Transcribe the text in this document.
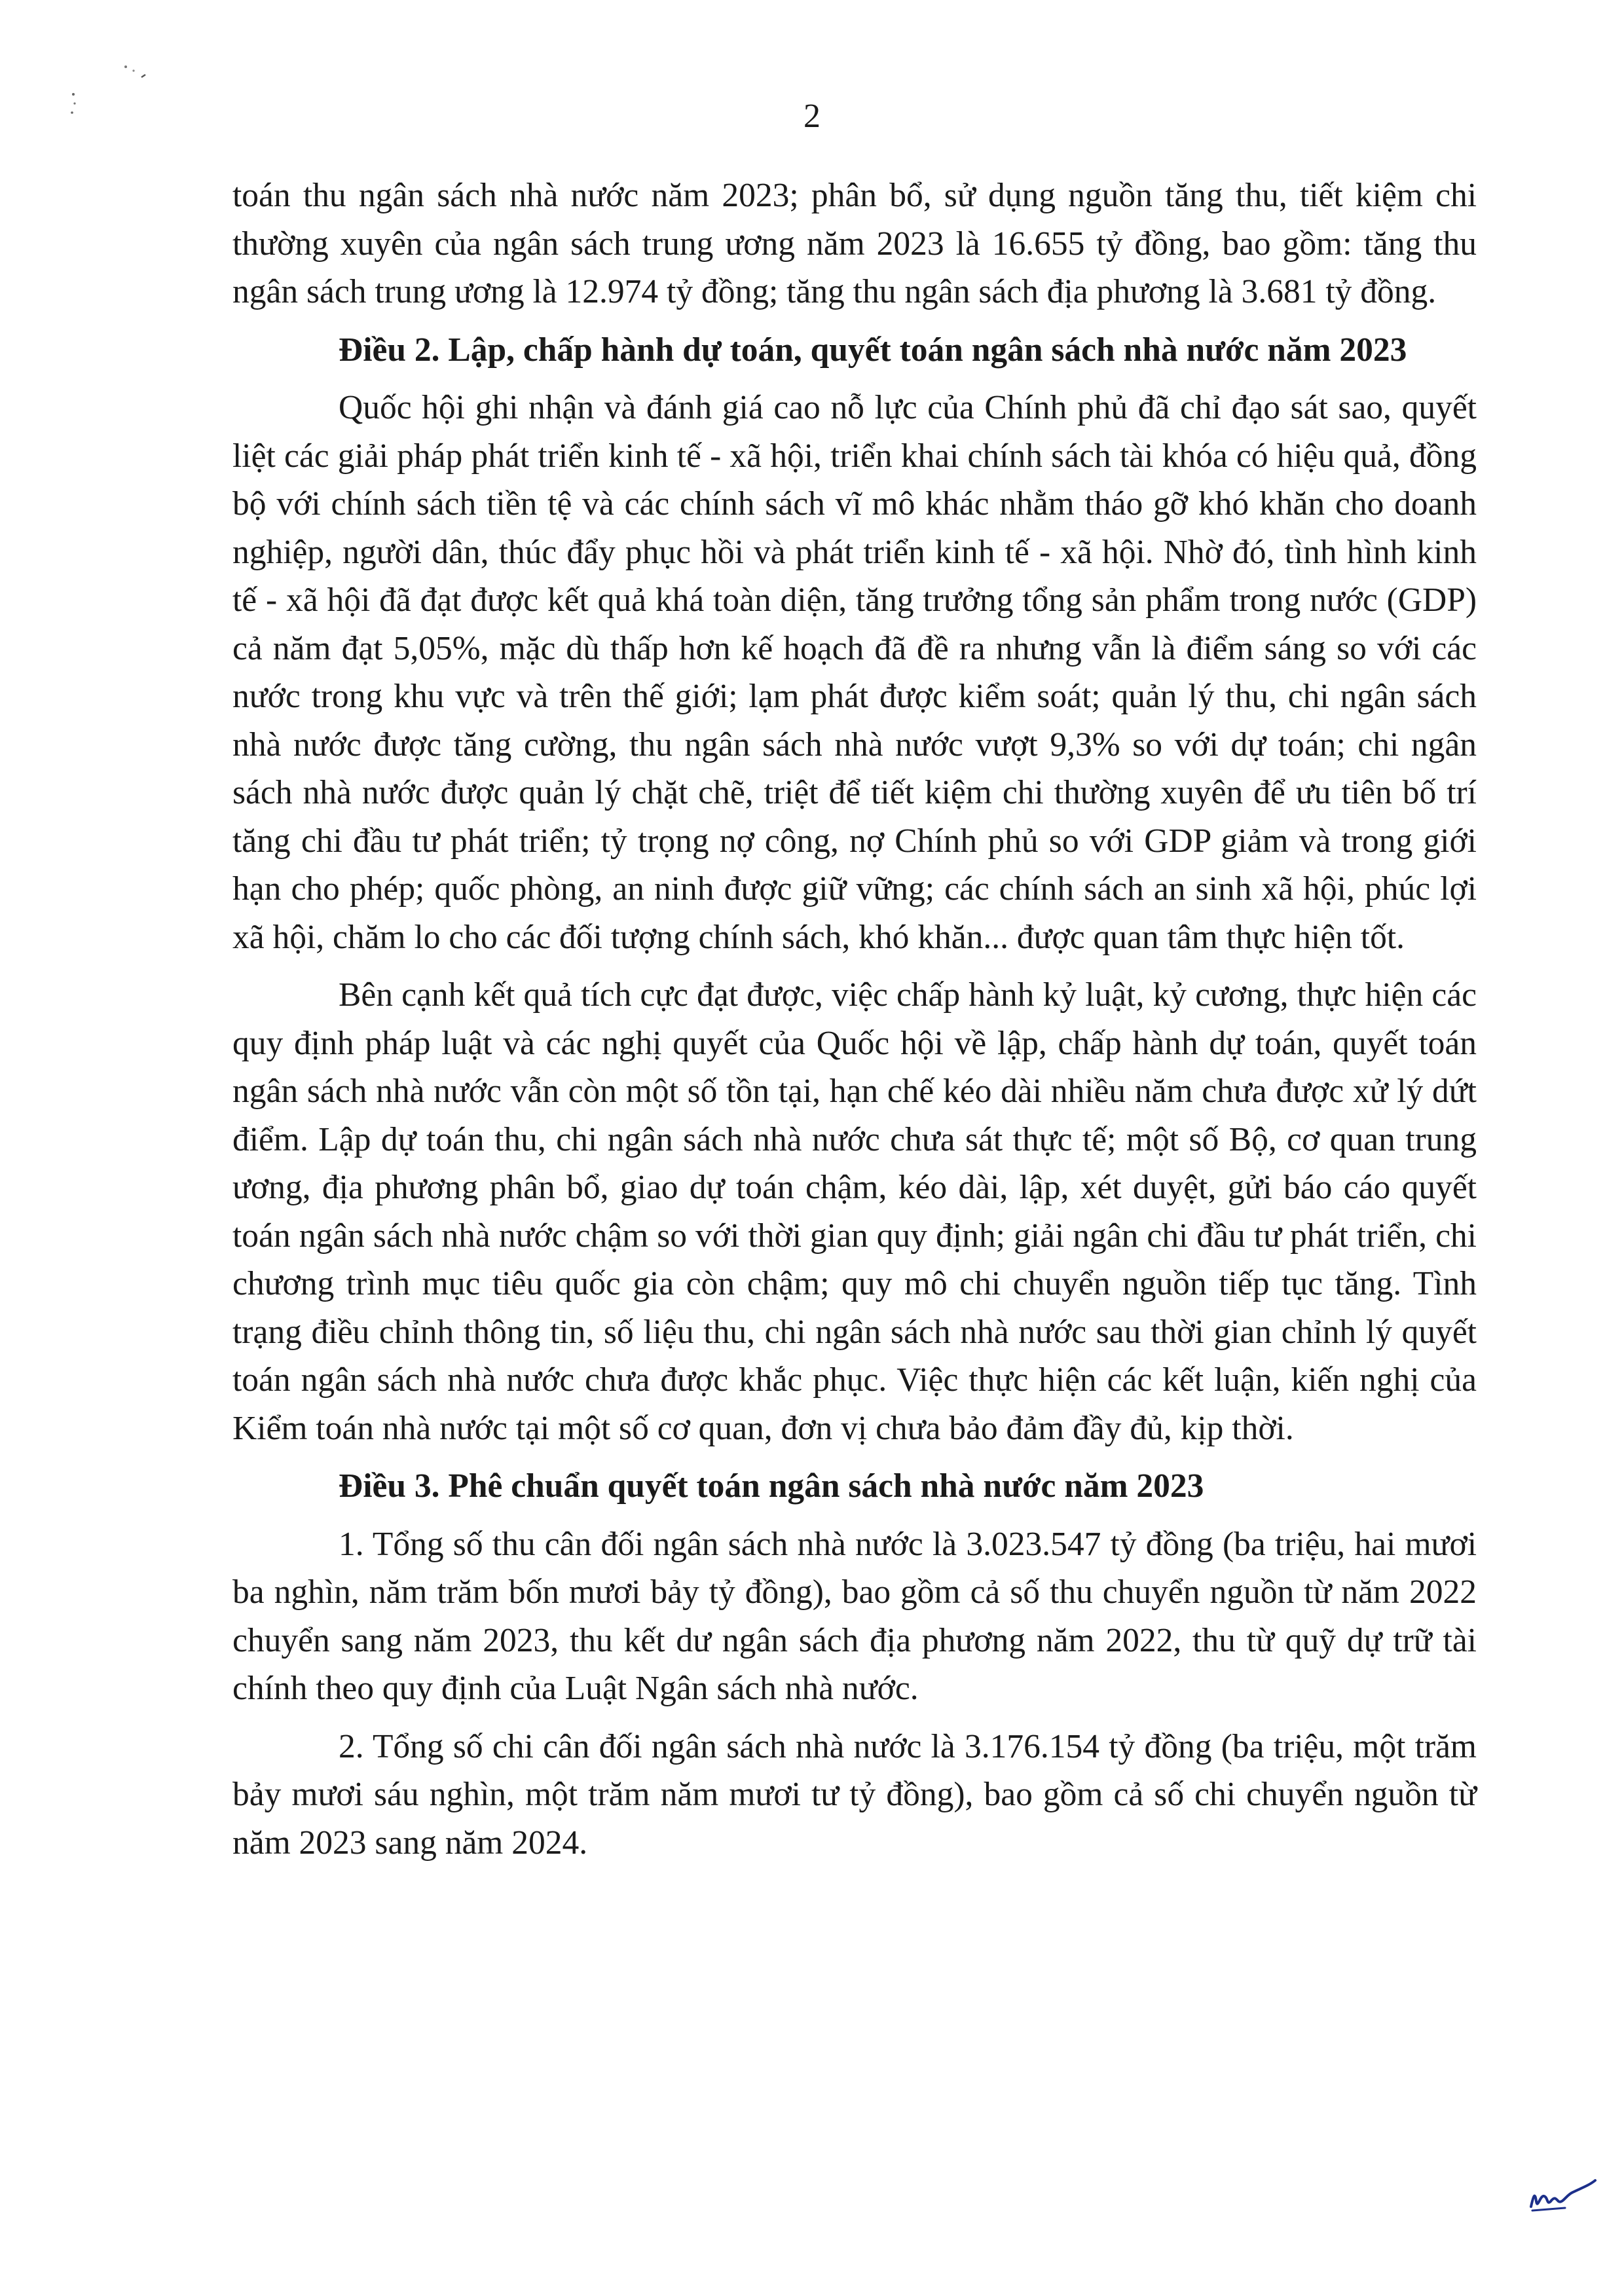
2

toán thu ngân sách nhà nước năm 2023; phân bổ, sử dụng nguồn tăng thu, tiết kiệm chi thường xuyên của ngân sách trung ương năm 2023 là 16.655 tỷ đồng, bao gồm: tăng thu ngân sách trung ương là 12.974 tỷ đồng; tăng thu ngân sách địa phương là 3.681 tỷ đồng.

Điều 2. Lập, chấp hành dự toán, quyết toán ngân sách nhà nước năm 2023

Quốc hội ghi nhận và đánh giá cao nỗ lực của Chính phủ đã chỉ đạo sát sao, quyết liệt các giải pháp phát triển kinh tế - xã hội, triển khai chính sách tài khóa có hiệu quả, đồng bộ với chính sách tiền tệ và các chính sách vĩ mô khác nhằm tháo gỡ khó khăn cho doanh nghiệp, người dân, thúc đẩy phục hồi và phát triển kinh tế - xã hội. Nhờ đó, tình hình kinh tế - xã hội đã đạt được kết quả khá toàn diện, tăng trưởng tổng sản phẩm trong nước (GDP) cả năm đạt 5,05%, mặc dù thấp hơn kế hoạch đã đề ra nhưng vẫn là điểm sáng so với các nước trong khu vực và trên thế giới; lạm phát được kiểm soát; quản lý thu, chi ngân sách nhà nước được tăng cường, thu ngân sách nhà nước vượt 9,3% so với dự toán; chi ngân sách nhà nước được quản lý chặt chẽ, triệt để tiết kiệm chi thường xuyên để ưu tiên bố trí tăng chi đầu tư phát triển; tỷ trọng nợ công, nợ Chính phủ so với GDP giảm và trong giới hạn cho phép; quốc phòng, an ninh được giữ vững; các chính sách an sinh xã hội, phúc lợi xã hội, chăm lo cho các đối tượng chính sách, khó khăn... được quan tâm thực hiện tốt.

Bên cạnh kết quả tích cực đạt được, việc chấp hành kỷ luật, kỷ cương, thực hiện các quy định pháp luật và các nghị quyết của Quốc hội về lập, chấp hành dự toán, quyết toán ngân sách nhà nước vẫn còn một số tồn tại, hạn chế kéo dài nhiều năm chưa được xử lý dứt điểm. Lập dự toán thu, chi ngân sách nhà nước chưa sát thực tế; một số Bộ, cơ quan trung ương, địa phương phân bổ, giao dự toán chậm, kéo dài, lập, xét duyệt, gửi báo cáo quyết toán ngân sách nhà nước chậm so với thời gian quy định; giải ngân chi đầu tư phát triển, chi chương trình mục tiêu quốc gia còn chậm; quy mô chi chuyển nguồn tiếp tục tăng. Tình trạng điều chỉnh thông tin, số liệu thu, chi ngân sách nhà nước sau thời gian chỉnh lý quyết toán ngân sách nhà nước chưa được khắc phục. Việc thực hiện các kết luận, kiến nghị của Kiểm toán nhà nước tại một số cơ quan, đơn vị chưa bảo đảm đầy đủ, kịp thời.

Điều 3. Phê chuẩn quyết toán ngân sách nhà nước năm 2023

1. Tổng số thu cân đối ngân sách nhà nước là 3.023.547 tỷ đồng (ba triệu, hai mươi ba nghìn, năm trăm bốn mươi bảy tỷ đồng), bao gồm cả số thu chuyển nguồn từ năm 2022 chuyển sang năm 2023, thu kết dư ngân sách địa phương năm 2022, thu từ quỹ dự trữ tài chính theo quy định của Luật Ngân sách nhà nước.

2. Tổng số chi cân đối ngân sách nhà nước là 3.176.154 tỷ đồng (ba triệu, một trăm bảy mươi sáu nghìn, một trăm năm mươi tư tỷ đồng), bao gồm cả số chi chuyển nguồn từ năm 2023 sang năm 2024.
